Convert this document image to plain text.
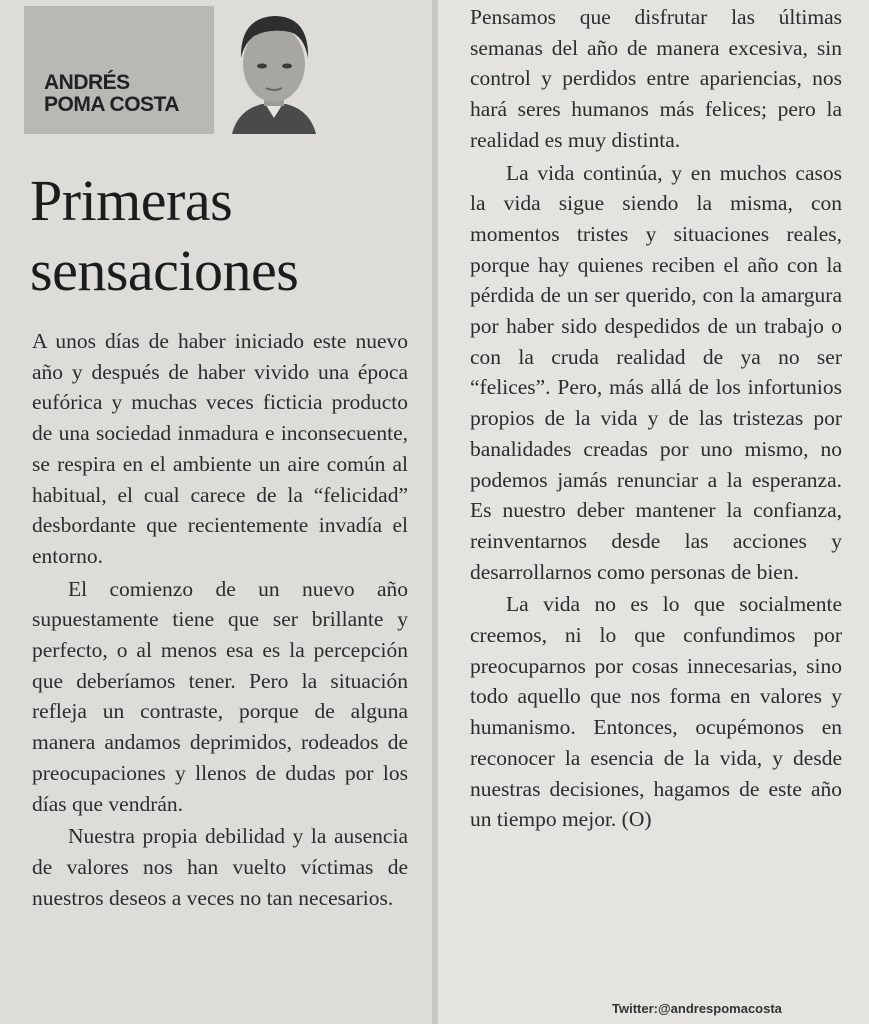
ANDRÉS
POMA COSTA
Primeras
sensaciones

A unos días de haber iniciado este nuevo año y después de haber vivido una época eufórica y muchas veces ficticia producto de una sociedad inmadura e inconsecuente, se respira en el ambiente un aire común al habitual, el cual carece de la “felicidad” desbordante que recientemente invadía el entorno.

El comienzo de un nuevo año supuestamente tiene que ser brillante y perfecto, o al menos esa es la percepción que deberíamos tener. Pero la situación refleja un contraste, porque de alguna manera andamos deprimidos, rodeados de preocupaciones y llenos de dudas por los días que vendrán.

Nuestra propia debilidad y la ausencia de valores nos han vuelto víctimas de nuestros deseos a veces no tan necesarios.

Pensamos que disfrutar las últimas semanas del año de manera excesiva, sin control y perdidos entre apariencias, nos hará seres humanos más felices; pero la realidad es muy distinta.

La vida continúa, y en muchos casos la vida sigue siendo la misma, con momentos tristes y situaciones reales, porque hay quienes reciben el año con la pérdida de un ser querido, con la amargura por haber sido despedidos de un trabajo o con la cruda realidad de ya no ser “felices”. Pero, más allá de los infortunios propios de la vida y de las tristezas por banalidades creadas por uno mismo, no podemos jamás renunciar a la esperanza. Es nuestro deber mantener la confianza, reinventarnos desde las acciones y desarrollarnos como personas de bien.

La vida no es lo que socialmente creemos, ni lo que confundimos por preocuparnos por cosas innecesarias, sino todo aquello que nos forma en valores y humanismo. Entonces, ocupémonos en reconocer la esencia de la vida, y desde nuestras decisiones, hagamos de este año un tiempo mejor. (O)

Twitter:@andrespomacosta
